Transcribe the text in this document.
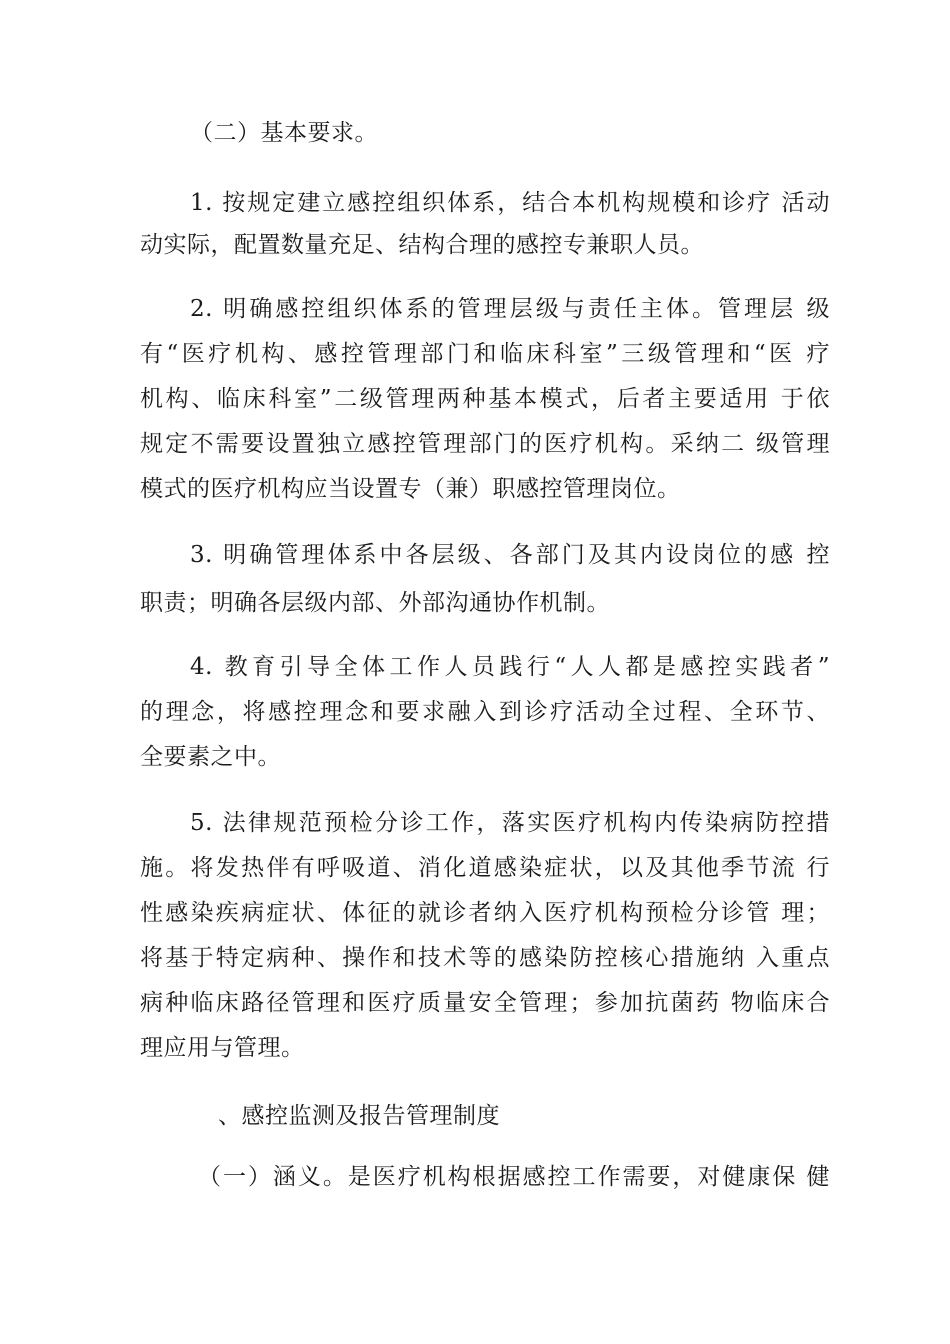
（二）基本要求。
1. 按规定建立感控组织体系，结合本机构规模和诊疗 活动
动实际，配置数量充足、结构合理的感控专兼职人员。
2. 明确感控组织体系的管理层级与责任主体。管理层 级
有“医疗机构、感控管理部门和临床科室”三级管理和“医 疗
机构、临床科室”二级管理两种基本模式，后者主要适用 于依
规定不需要设置独立感控管理部门的医疗机构。采纳二 级管理
模式的医疗机构应当设置专（兼）职感控管理岗位。
3. 明确管理体系中各层级、各部门及其内设岗位的感 控
职责；明确各层级内部、外部沟通协作机制。
4. 教育引导全体工作人员践行“人人都是感控实践者”
的理念，将感控理念和要求融入到诊疗活动全过程、全环节、
全要素之中。
5. 法律规范预检分诊工作，落实医疗机构内传染病防控措
施。将发热伴有呼吸道、消化道感染症状，以及其他季节流 行
性感染疾病症状、体征的就诊者纳入医疗机构预检分诊管 理；
将基于特定病种、操作和技术等的感染防控核心措施纳 入重点
病种临床路径管理和医疗质量安全管理；参加抗菌药 物临床合
理应用与管理。
、感控监测及报告管理制度
（一）涵义。是医疗机构根据感控工作需要，对健康保 健
